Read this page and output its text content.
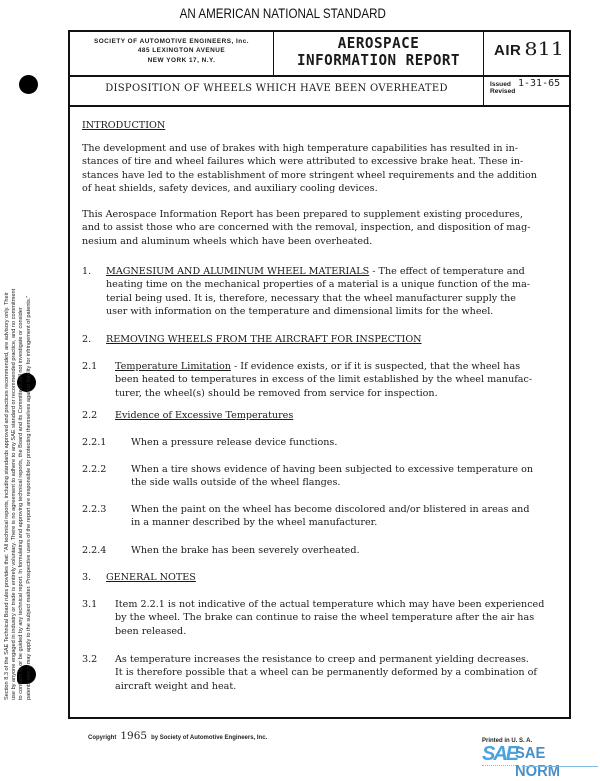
AN AMERICAN NATIONAL STANDARD
Section 8.3 of the SAE Technical Board rules provides that: "All technical reports, including standards approved and practices recommended, are advisory only. Their use by anyone engaged in industry or trade is entirely voluntary. There is no agreement to adhere to any SAE standard or recommended practice, and no commitment to conform to or be guided by any technical report. In formulating and approving technical reports, the Board and its Committees will not investigate or consider patents which may apply to the subject matter. Prospective users of the report are responsible for protecting themselves against liability for infringement of patents."
SOCIETY OF AUTOMOTIVE ENGINEERS, Inc.
485 LEXINGTON AVENUE
NEW YORK 17, N.Y.
AEROSPACE
INFORMATION REPORT
AIR 811
DISPOSITION OF WHEELS WHICH HAVE BEEN OVERHEATED	Issued 1-31-65
Revised
INTRODUCTION

The development and use of brakes with high temperature capabilities has resulted in in-

stances of tire and wheel failures which were attributed to excessive brake heat. These in-

stances have led to the establishment of more stringent wheel requirements and the addition

of heat shields, safety devices, and auxiliary cooling devices.

This Aerospace Information Report has been prepared to supplement existing procedures,

and to assist those who are concerned with the removal, inspection, and disposition of mag-

nesium and aluminum wheels which have been overheated.

1. MAGNESIUM AND ALUMINUM WHEEL MATERIALS - The effect of temperature and

heating time on the mechanical properties of a material is a unique function of the ma-

terial being used. It is, therefore, necessary that the wheel manufacturer supply the

user with information on the temperature and dimensional limits for the wheel.

2. REMOVING WHEELS FROM THE AIRCRAFT FOR INSPECTION
2.1 Temperature Limitation - If evidence exists, or if it is suspected, that the wheel has

been heated to temperatures in excess of the limit established by the wheel manufac-

turer, the wheel(s) should be removed from service for inspection.

2.2 Evidence of Excessive Temperatures
2.2.1	When a pressure release device functions.

2.2.2	When a tire shows evidence of having been subjected to excessive temperature on

the side walls outside of the wheel flanges.

2.2.3	When the paint on the wheel has become discolored and/or blistered in areas and

in a manner described by the wheel manufacturer.

2.2.4	When the brake has been severely overheated.

3. GENERAL NOTES
3.1 Item 2.2.1 is not indicative of the actual temperature which may have been experienced

by the wheel. The brake can continue to raise the wheel temperature after the air has

been released.

3.2 As temperature increases the resistance to creep and permanent yielding decreases.

It is therefore possible that a wheel can be permanently deformed by a combination of

aircraft weight and heat.

Copyright 1965 by Society of Automotive Engineers, Inc.	Printed in U. S. A.
SAE
SAE NORM
